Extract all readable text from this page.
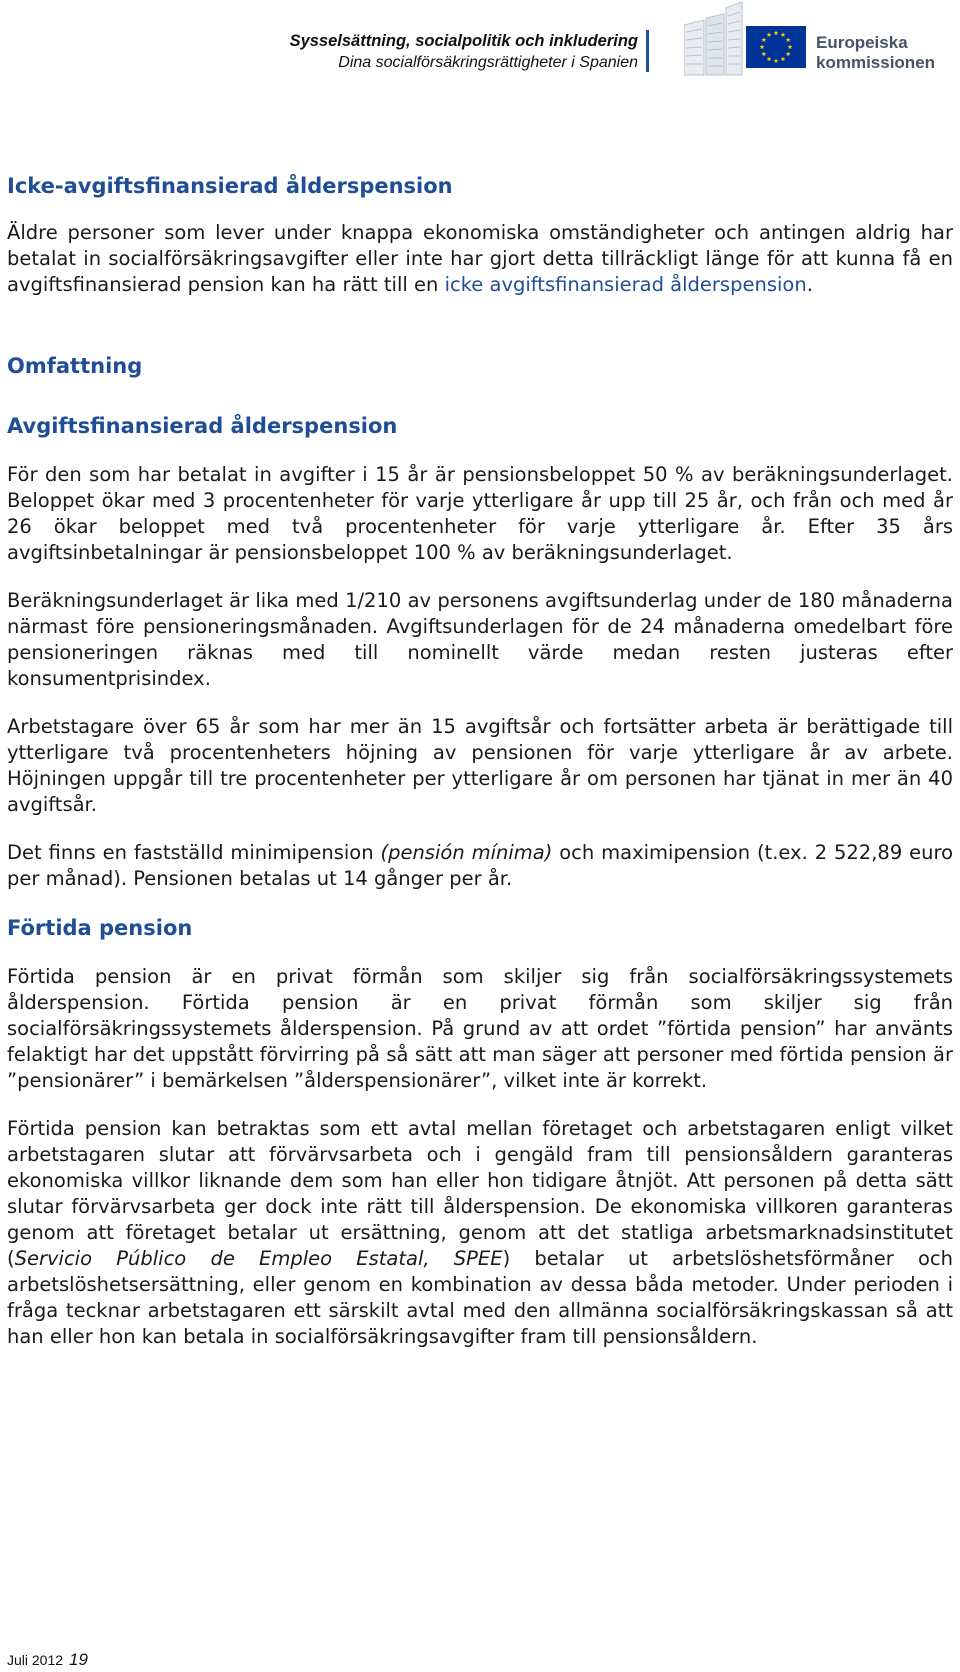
Sysselsättning, socialpolitik och inkludering
Dina socialförsäkringsrättigheter i Spanien
Europeiska
kommissionen
Icke-avgiftsfinansierad ålderspension

Äldre personer som lever under knappa ekonomiska omständigheter och antingen aldrig har betalat in socialförsäkringsavgifter eller inte har gjort detta tillräckligt länge för att kunna få en avgiftsfinansierad pension kan ha rätt till en icke avgiftsfinansierad ålderspension.

Omfattning
Avgiftsfinansierad ålderspension

För den som har betalat in avgifter i 15 år är pensionsbeloppet 50 % av beräkningsunderlaget. Beloppet ökar med 3 procentenheter för varje ytterligare år upp till 25 år, och från och med år 26 ökar beloppet med två procentenheter för varje ytterligare år. Efter 35 års avgiftsinbetalningar är pensionsbeloppet 100 % av beräkningsunderlaget.

Beräkningsunderlaget är lika med 1/210 av personens avgiftsunderlag under de 180 månaderna närmast före pensioneringsmånaden. Avgiftsunderlagen för de 24 månaderna omedelbart före pensioneringen räknas med till nominellt värde medan resten justeras efter konsumentprisindex.

Arbetstagare över 65 år som har mer än 15 avgiftsår och fortsätter arbeta är berättigade till ytterligare två procentenheters höjning av pensionen för varje ytterligare år av arbete. Höjningen uppgår till tre procentenheter per ytterligare år om personen har tjänat in mer än 40 avgiftsår.

Det finns en fastställd minimipension (pensión mínima) och maximipension (t.ex. 2 522,89 euro per månad). Pensionen betalas ut 14 gånger per år.

Förtida pension

Förtida pension är en privat förmån som skiljer sig från socialförsäkringssystemets ålderspension. Förtida pension är en privat förmån som skiljer sig från socialförsäkringssystemets ålderspension. På grund av att ordet ”förtida pension” har använts felaktigt har det uppstått förvirring på så sätt att man säger att personer med förtida pension är ”pensionärer” i bemärkelsen ”ålderspensionärer”, vilket inte är korrekt.

Förtida pension kan betraktas som ett avtal mellan företaget och arbetstagaren enligt vilket arbetstagaren slutar att förvärvsarbeta och i gengäld fram till pensionsåldern garanteras ekonomiska villkor liknande dem som han eller hon tidigare åtnjöt. Att personen på detta sätt slutar förvärvsarbeta ger dock inte rätt till ålderspension. De ekonomiska villkoren garanteras genom att företaget betalar ut ersättning, genom att det statliga arbetsmarknadsinstitutet (Servicio Público de Empleo Estatal, SPEE) betalar ut arbetslöshetsförmåner och arbetslöshetsersättning, eller genom en kombination av dessa båda metoder. Under perioden i fråga tecknar arbetstagaren ett särskilt avtal med den allmänna socialförsäkringskassan så att han eller hon kan betala in socialförsäkringsavgifter fram till pensionsåldern.

Juli 2012 19
